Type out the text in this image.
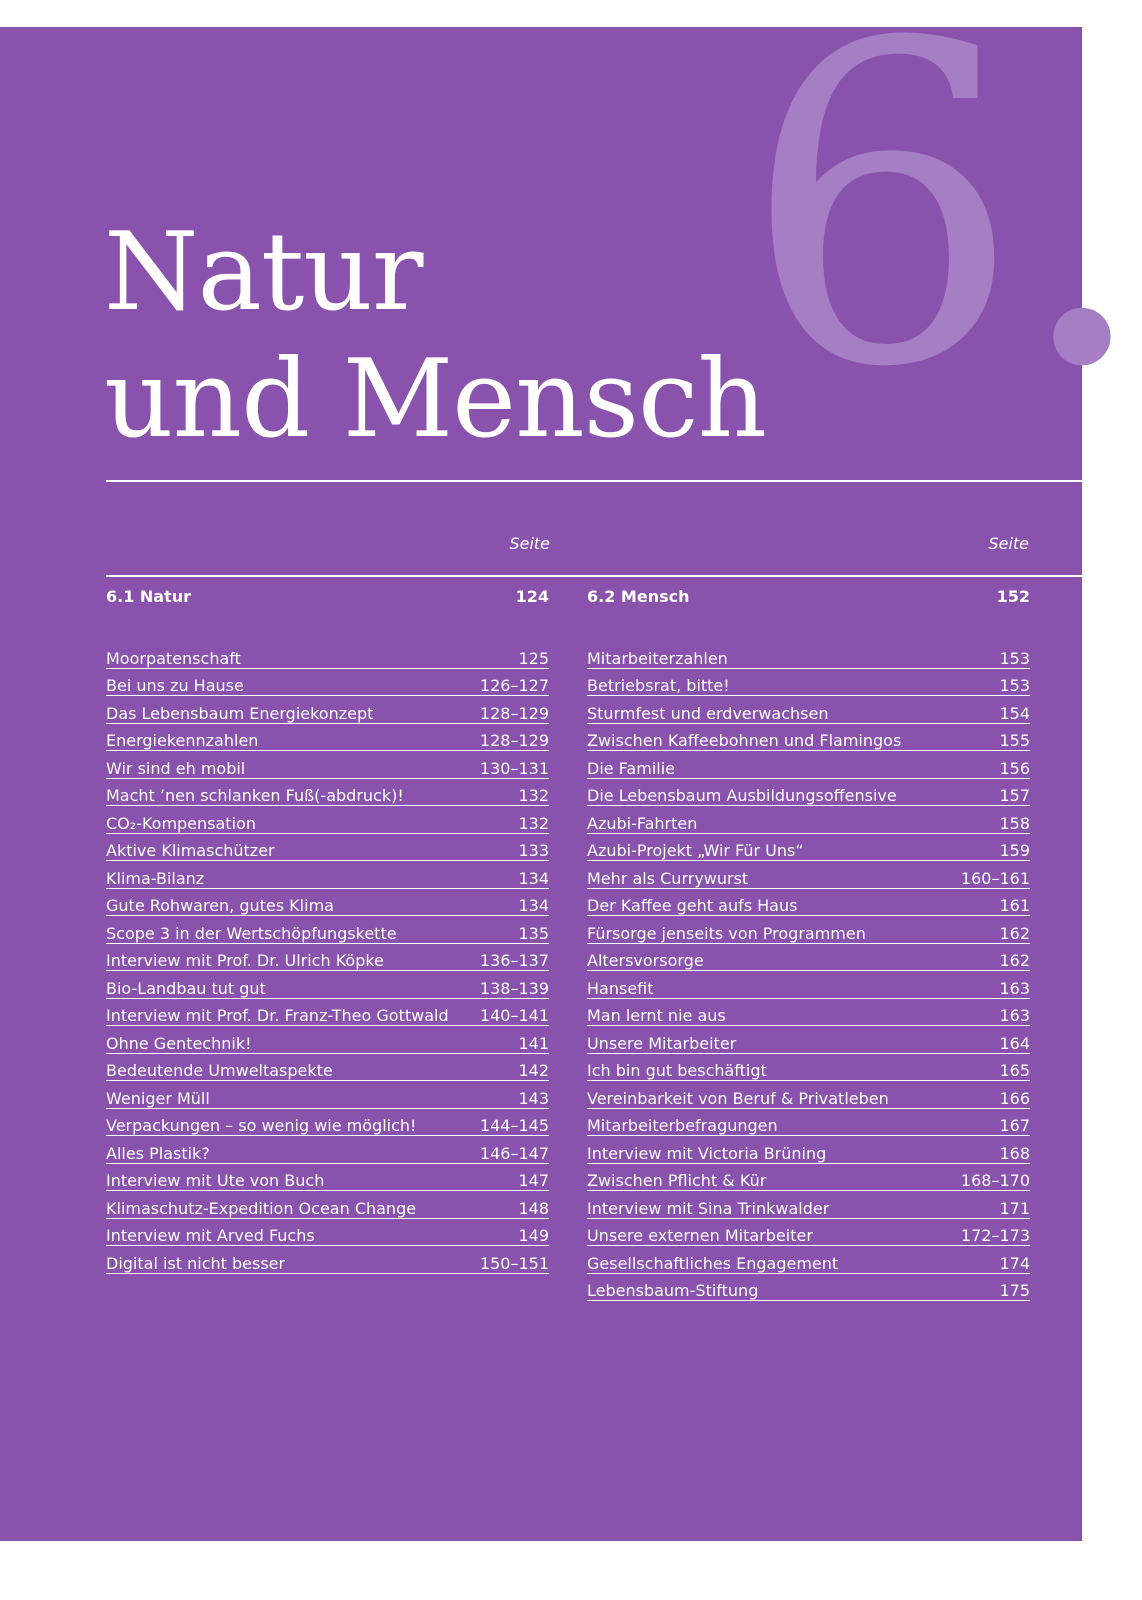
6.
Natur
und Mensch
Seite	Seite
6.1 Natur	124
Moorpatenschaft	125
Bei uns zu Hause	126–127
Das Lebensbaum Energiekonzept	128–129
Energiekennzahlen	128–129
Wir sind eh mobil	130–131
Macht ’nen schlanken Fuß(-abdruck)!	132
CO₂-Kompensation	132
Aktive Klimaschützer	133
Klima-Bilanz	134
Gute Rohwaren, gutes Klima	134
Scope 3 in der Wertschöpfungskette	135
Interview mit Prof. Dr. Ulrich Köpke	136–137
Bio-Landbau tut gut	138–139
Interview mit Prof. Dr. Franz-Theo Gottwald 140–141
Ohne Gentechnik!	141
Bedeutende Umweltaspekte	142
Weniger Müll	143
Verpackungen – so wenig wie möglich!	144–145
Alles Plastik?	146–147
Interview mit Ute von Buch	147
Klimaschutz-Expedition Ocean Change	148
Interview mit Arved Fuchs	149
Digital ist nicht besser	150–151
6.2 Mensch	152
Mitarbeiterzahlen	153
Betriebsrat, bitte!	153
Sturmfest und erdverwachsen	154
Zwischen Kaffeebohnen und Flamingos	155
Die Familie	156
Die Lebensbaum Ausbildungsoffensive	157
Azubi-Fahrten	158
Azubi-Projekt „Wir Für Uns“	159
Mehr als Currywurst	160–161
Der Kaffee geht aufs Haus	161
Fürsorge jenseits von Programmen	162
Altersvorsorge	162
Hansefit	163
Man lernt nie aus	163
Unsere Mitarbeiter	164
Ich bin gut beschäftigt	165
Vereinbarkeit von Beruf & Privatleben	166
Mitarbeiterbefragungen	167
Interview mit Victoria Brüning	168
Zwischen Pflicht & Kür	168–170
Interview mit Sina Trinkwalder	171
Unsere externen Mitarbeiter	172–173
Gesellschaftliches Engagement	174
Lebensbaum-Stiftung	175
